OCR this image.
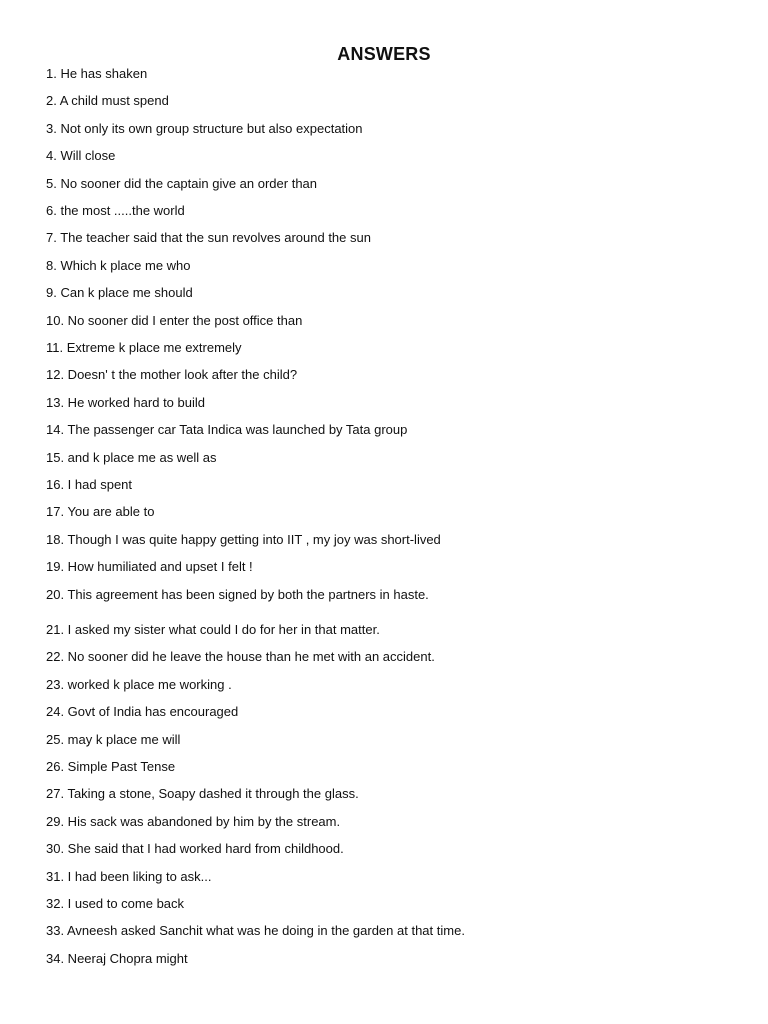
ANSWERS
1. He has shaken
2. A child must spend
3. Not only its own group structure but also expectation
4. Will close
5. No sooner did the captain give an order than
6. the most .....the world
7. The teacher said that the sun revolves around the sun
8. Which k place me who
9. Can k place me should
10. No sooner did I enter the post office than
11. Extreme k place me extremely
12. Doesn' t the mother look after the child?
13. He worked hard to build
14. The passenger car Tata Indica was launched by Tata group
15. and k place me as well as
16. I had spent
17. You are able to
18. Though I was quite happy getting into IIT , my joy was short-lived
19. How humiliated and upset I felt !
20. This agreement has been signed by both the partners in haste.
21. I asked my sister what could I do for her in that matter.
22. No sooner did he leave the house than he met with an accident.
23. worked k place me working .
24. Govt of India has encouraged
25. may k place me will
26. Simple Past Tense
27. Taking a stone, Soapy dashed it through the glass.
29. His sack was abandoned by him by the stream.
30. She said that I had worked hard from childhood.
31. I had been liking to ask...
32. I used to come back
33. Avneesh asked Sanchit what was he doing in the garden at that time.
34. Neeraj Chopra might
